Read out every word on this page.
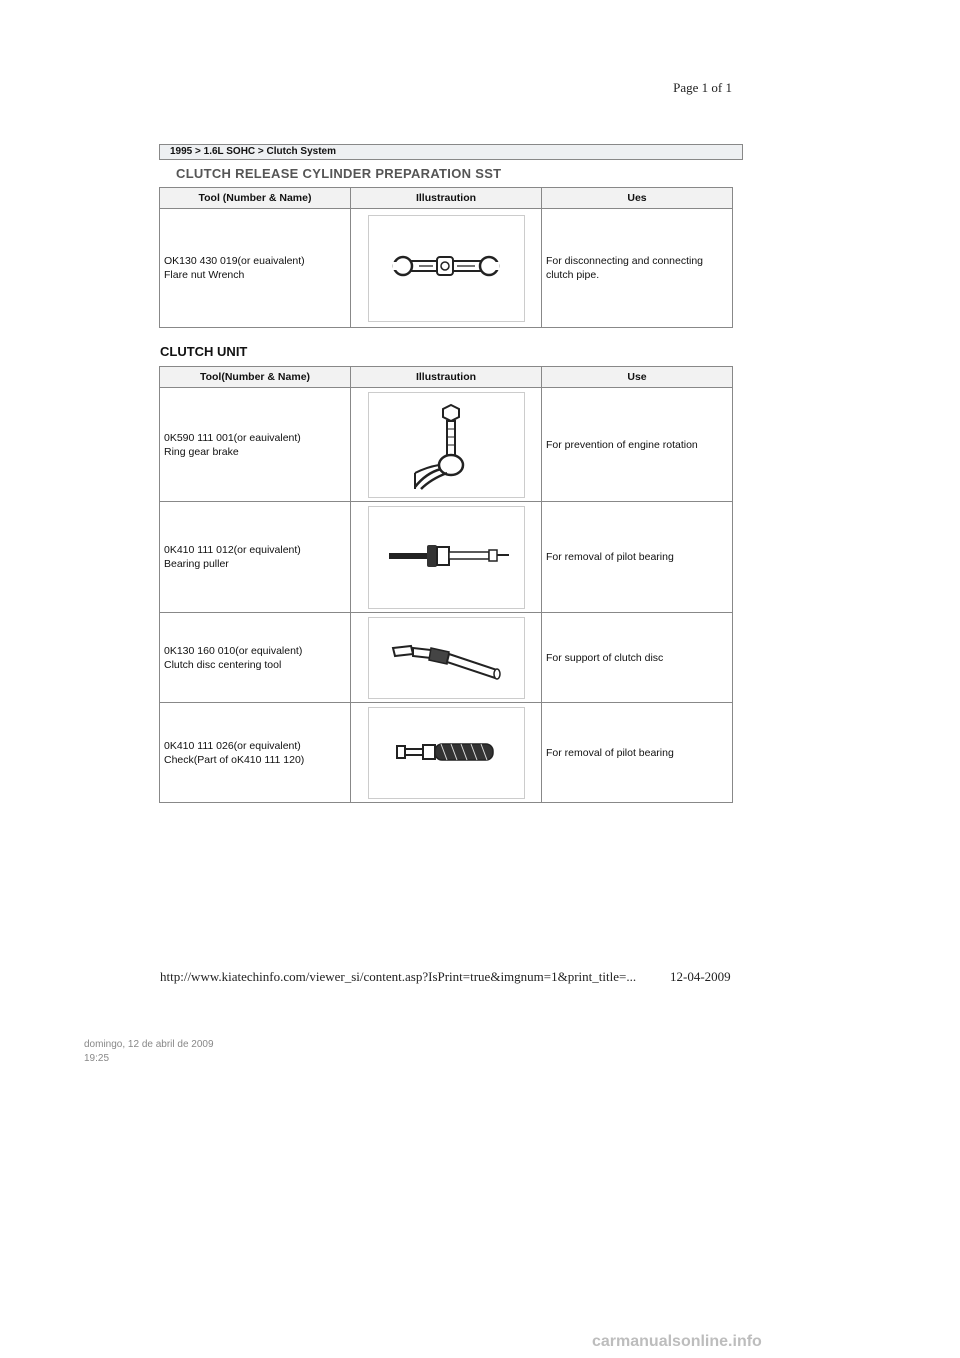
Page 1 of 1
1995 > 1.6L SOHC > Clutch System
CLUTCH RELEASE CYLINDER PREPARATION SST
Tool (Number & Name)	Illustraution	Ues

OK130 430 019(or euaivalent)
Flare nut Wrench		For disconnecting and connecting clutch pipe.
CLUTCH UNIT
Tool(Number & Name)	Illustraution	Use

0K590 111 001(or eauivalent)
Ring gear brake		For prevention of engine rotation

0K410 111 012(or equivalent)
Bearing puller		For removal of pilot bearing

0K130 160 010(or equivalent)
Clutch disc centering tool		For support of clutch disc

0K410 111 026(or equivalent)
Check(Part of oK410 111 120)		For removal of pilot bearing
http://www.kiatechinfo.com/viewer_si/content.asp?IsPrint=true&imgnum=1&print_title=...	12-04-2009
domingo, 12 de abril de 2009
19:25
carmanualsonline.info
